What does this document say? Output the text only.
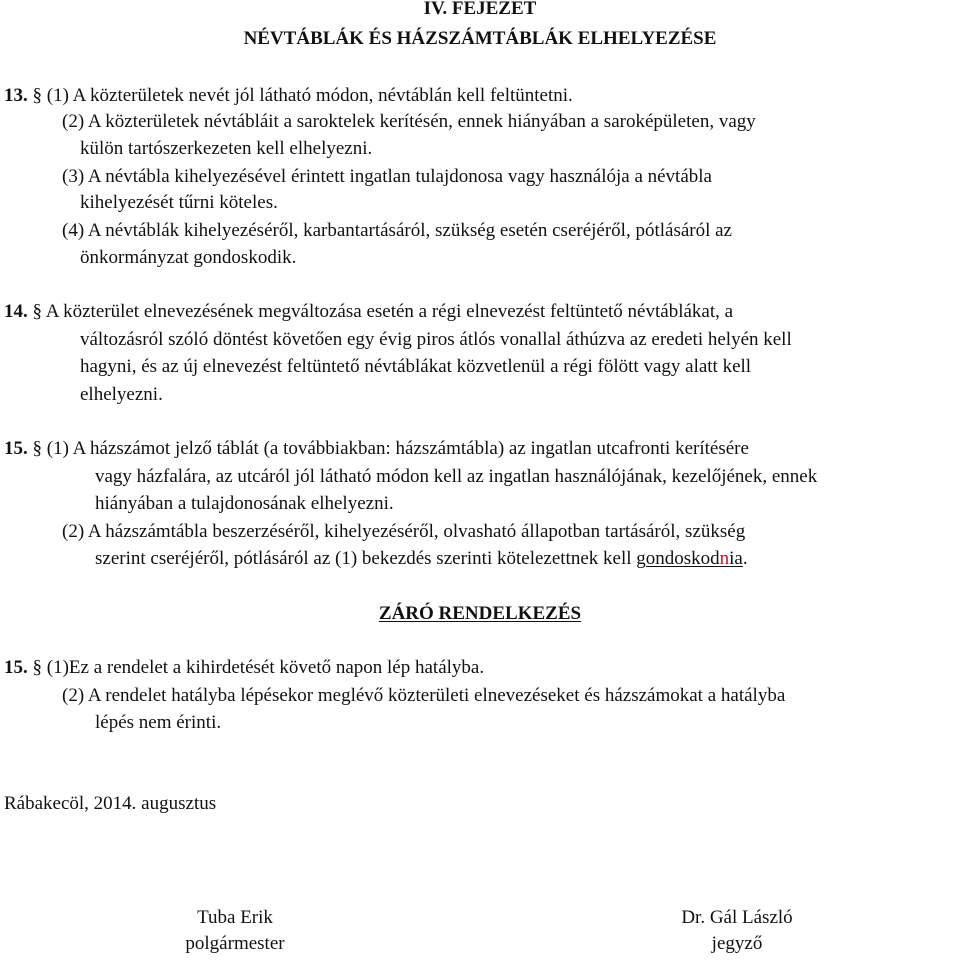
IV. FEJEZET
NÉVTÁBLÁK ÉS HÁZSZÁMTÁBLÁK ELHELYEZÉSE
13. § (1) A közterületek nevét jól látható módon, névtáblán kell feltüntetni.
(2) A közterületek névtábláit a saroktelek kerítésén, ennek hiányában a saroképületen, vagy
külön tartószerkezeten kell elhelyezni.
(3) A névtábla kihelyezésével érintett ingatlan tulajdonosa vagy használója a névtábla
kihelyezését tűrni köteles.
(4) A névtáblák kihelyezéséről, karbantartásáról, szükség esetén cseréjéről, pótlásáról az
önkormányzat gondoskodik.
14. § A közterület elnevezésének megváltozása esetén a régi elnevezést feltüntető névtáblákat, a
változásról szóló döntést követően egy évig piros átlós vonallal áthúzva az eredeti helyén kell
hagyni, és az új elnevezést feltüntető névtáblákat közvetlenül a régi fölött vagy alatt kell
elhelyezni.
15. § (1) A házszámot jelző táblát (a továbbiakban: házszámtábla) az ingatlan utcafronti kerítésére
vagy házfalára, az utcáról jól látható módon kell az ingatlan használójának, kezelőjének, ennek
hiányában a tulajdonosának elhelyezni.
(2) A házszámtábla beszerzéséről, kihelyezéséről, olvasható állapotban tartásáról, szükség
szerint cseréjéről, pótlásáról az (1) bekezdés szerinti kötelezettnek kell gondoskodnia.
ZÁRÓ RENDELKEZÉS
15. § (1)Ez a rendelet a kihirdetését követő napon lép hatályba.
(2) A rendelet hatályba lépésekor meglévő közterületi elnevezéseket és házszámokat a hatályba
lépés nem érinti.
Rábakecöl, 2014. augusztus
Tuba Erik
polgármester
Dr. Gál László
jegyző
